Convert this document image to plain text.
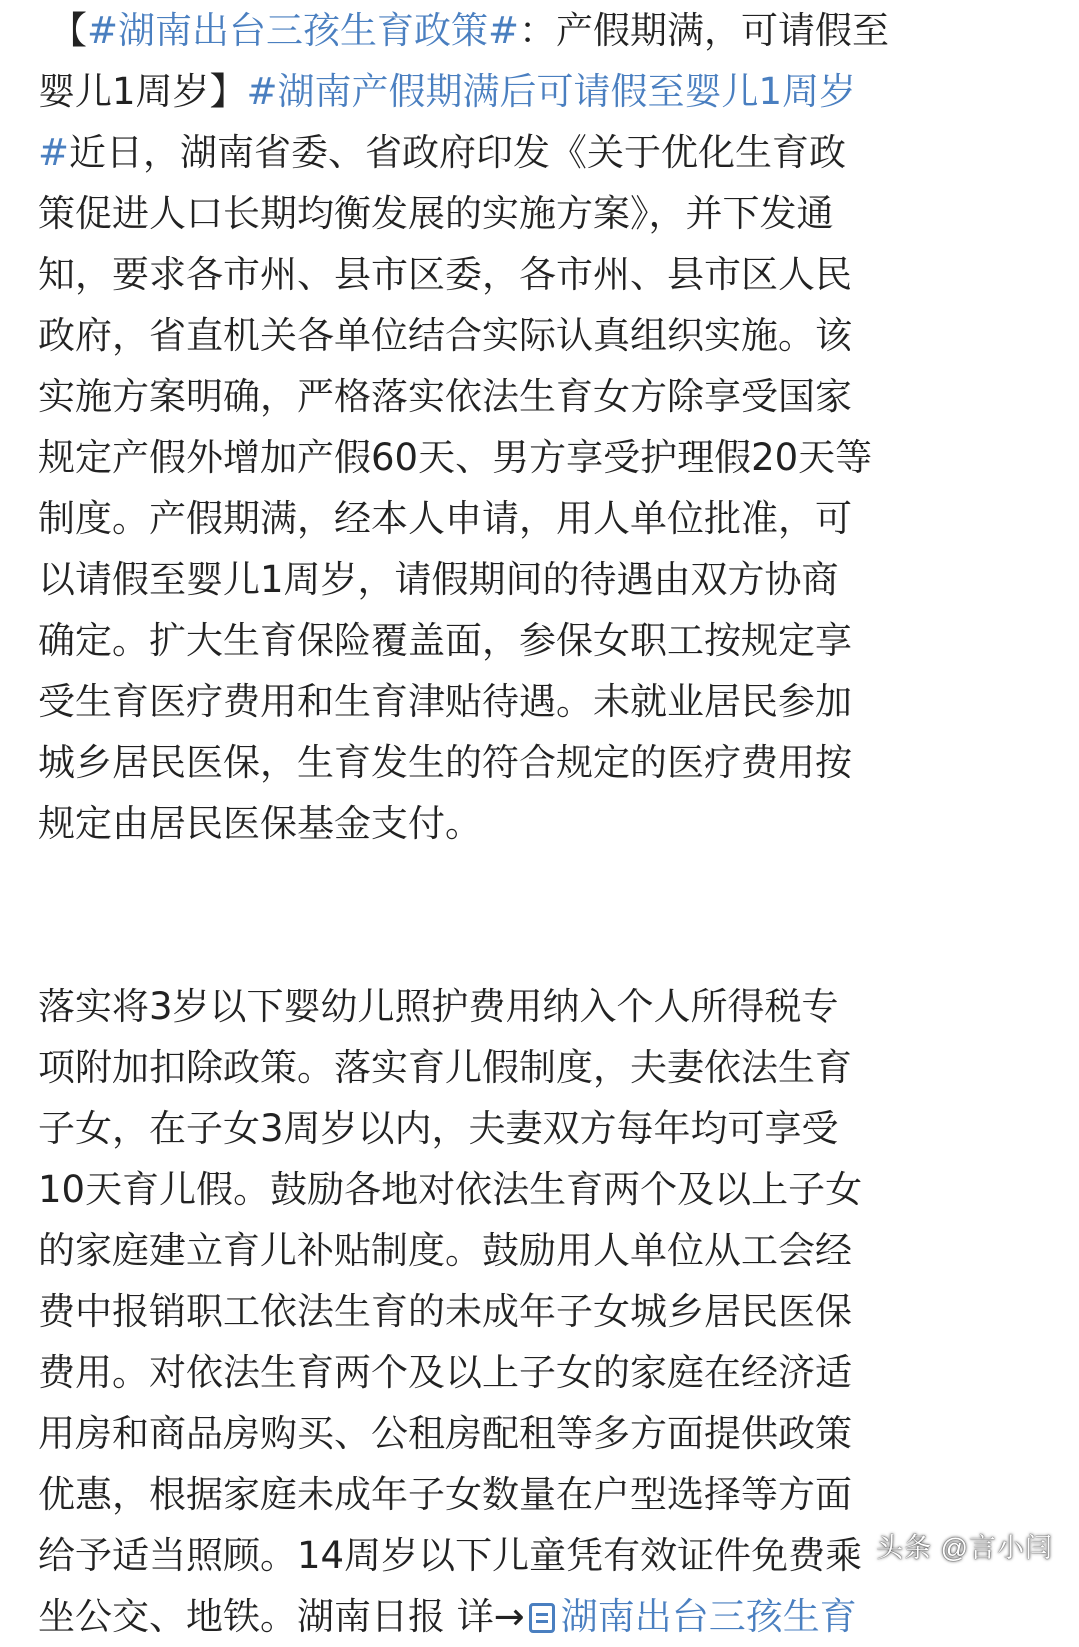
【#湖南出台三孩生育政策#：产假期满，可请假至
婴儿1周岁】#湖南产假期满后可请假至婴儿1周岁
#近日，湖南省委、省政府印发《关于优化生育政
策促进人口长期均衡发展的实施方案》，并下发通
知，要求各市州、县市区委，各市州、县市区人民
政府，省直机关各单位结合实际认真组织实施。该
实施方案明确，严格落实依法生育女方除享受国家
规定产假外增加产假60天、男方享受护理假20天等
制度。产假期满，经本人申请，用人单位批准，可
以请假至婴儿1周岁，请假期间的待遇由双方协商
确定。扩大生育保险覆盖面，参保女职工按规定享
受生育医疗费用和生育津贴待遇。未就业居民参加
城乡居民医保，生育发生的符合规定的医疗费用按
规定由居民医保基金支付。
落实将3岁以下婴幼儿照护费用纳入个人所得税专
项附加扣除政策。落实育儿假制度，夫妻依法生育
子女，在子女3周岁以内，夫妻双方每年均可享受
10天育儿假。鼓励各地对依法生育两个及以上子女
的家庭建立育儿补贴制度。鼓励用人单位从工会经
费中报销职工依法生育的未成年子女城乡居民医保
费用。对依法生育两个及以上子女的家庭在经济适
用房和商品房购买、公租房配租等多方面提供政策
优惠，根据家庭未成年子女数量在户型选择等方面
给予适当照顾。14周岁以下儿童凭有效证件免费乘
坐公交、地铁。湖南日报 详→ 湖南出台三孩生育
头条 @言小闫
